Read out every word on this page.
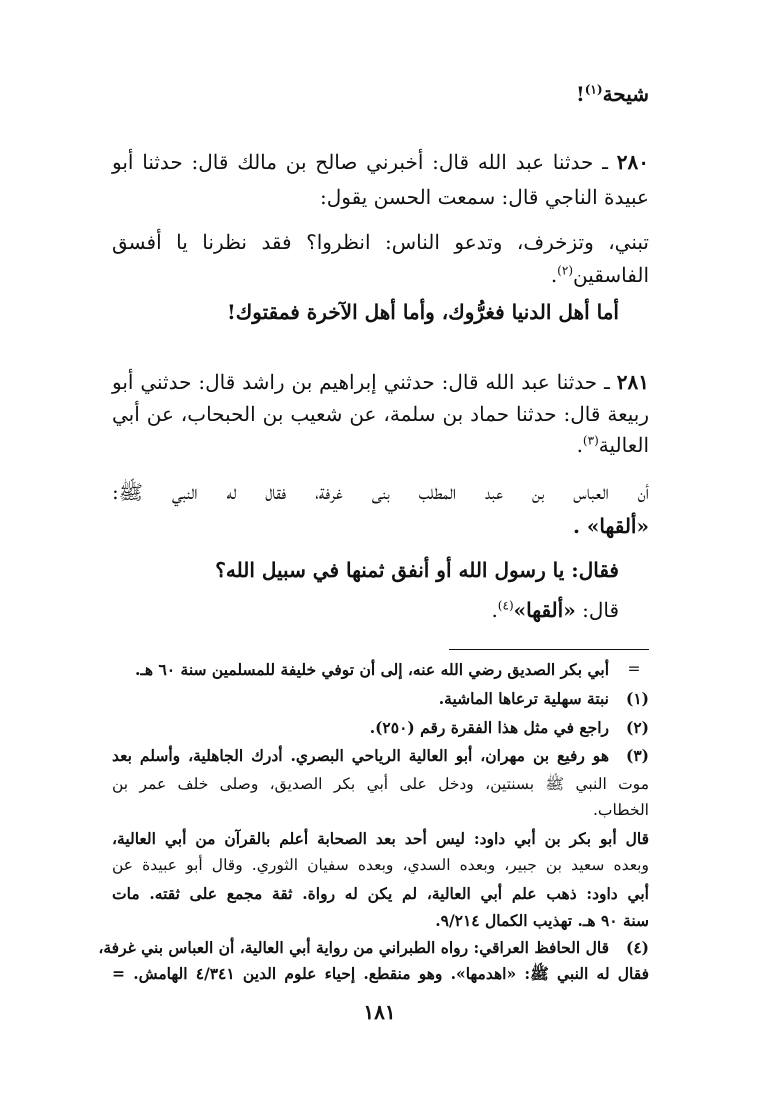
شيحة$^{(١)}$!
٢٨٠ ـ حدثنا عبد الله قال: أخبرني صالح بن مالك قال: حدثنا أبو
عبيدة الناجي قال: سمعت الحسن يقول:
تبني، وتزخرف، وتدعو الناس: انظروا؟ فقد نظرنا يا أفسق
الفاسقين$^{(٢)}$.
أما أهل الدنيا فغرُّوك، وأما أهل الآخرة فمقتوك!
٢٨١ ـ حدثنا عبد الله قال: حدثني إبراهيم بن راشد قال: حدثني أبو
ربيعة قال: حدثنا حماد بن سلمة، عن شعيب بن الحبحاب، عن أبي
العالية$^{(٣)}$.
أن العباس بن عبد المطلب بنى غرفة، فقال له النبي ﷺ:
«ألقها» .
فقال: يا رسول الله أو أنفق ثمنها في سبيل الله؟
قال: «ألقها»$^{(٤)}$.
=
أبي بكر الصديق رضي الله عنه، إلى أن توفي خليفة للمسلمين سنة ٦٠ هـ.
(١)
نبتة سهلية ترعاها الماشية.
(٢)
راجع في مثل هذا الفقرة رقم (٢٥٠).
(٣)
هو رفيع بن مهران، أبو العالية الرياحي البصري. أدرك الجاهلية، وأسلم بعد
موت النبي ﷺ بسنتين، ودخل على أبي بكر الصديق، وصلى خلف عمر بن
الخطاب.
قال أبو بكر بن أبي داود: ليس أحد بعد الصحابة أعلم بالقرآن من أبي العالية،
وبعده سعيد بن جبير، وبعده السدي، وبعده سفيان الثوري. وقال أبو عبيدة عن
أبي داود: ذهب علم أبي العالية، لم يكن له رواة. ثقة مجمع على ثقته. مات
سنة ٩٠ هـ. تهذيب الكمال ٩/٢١٤.
(٤)
قال الحافظ العراقي: رواه الطبراني من رواية أبي العالية، أن العباس بني غرفة،
فقال له النبي ﷺ: «اهدمها». وهو منقطع. إحياء علوم الدين ٤/٣٤١ الهامش. =
١٨١
